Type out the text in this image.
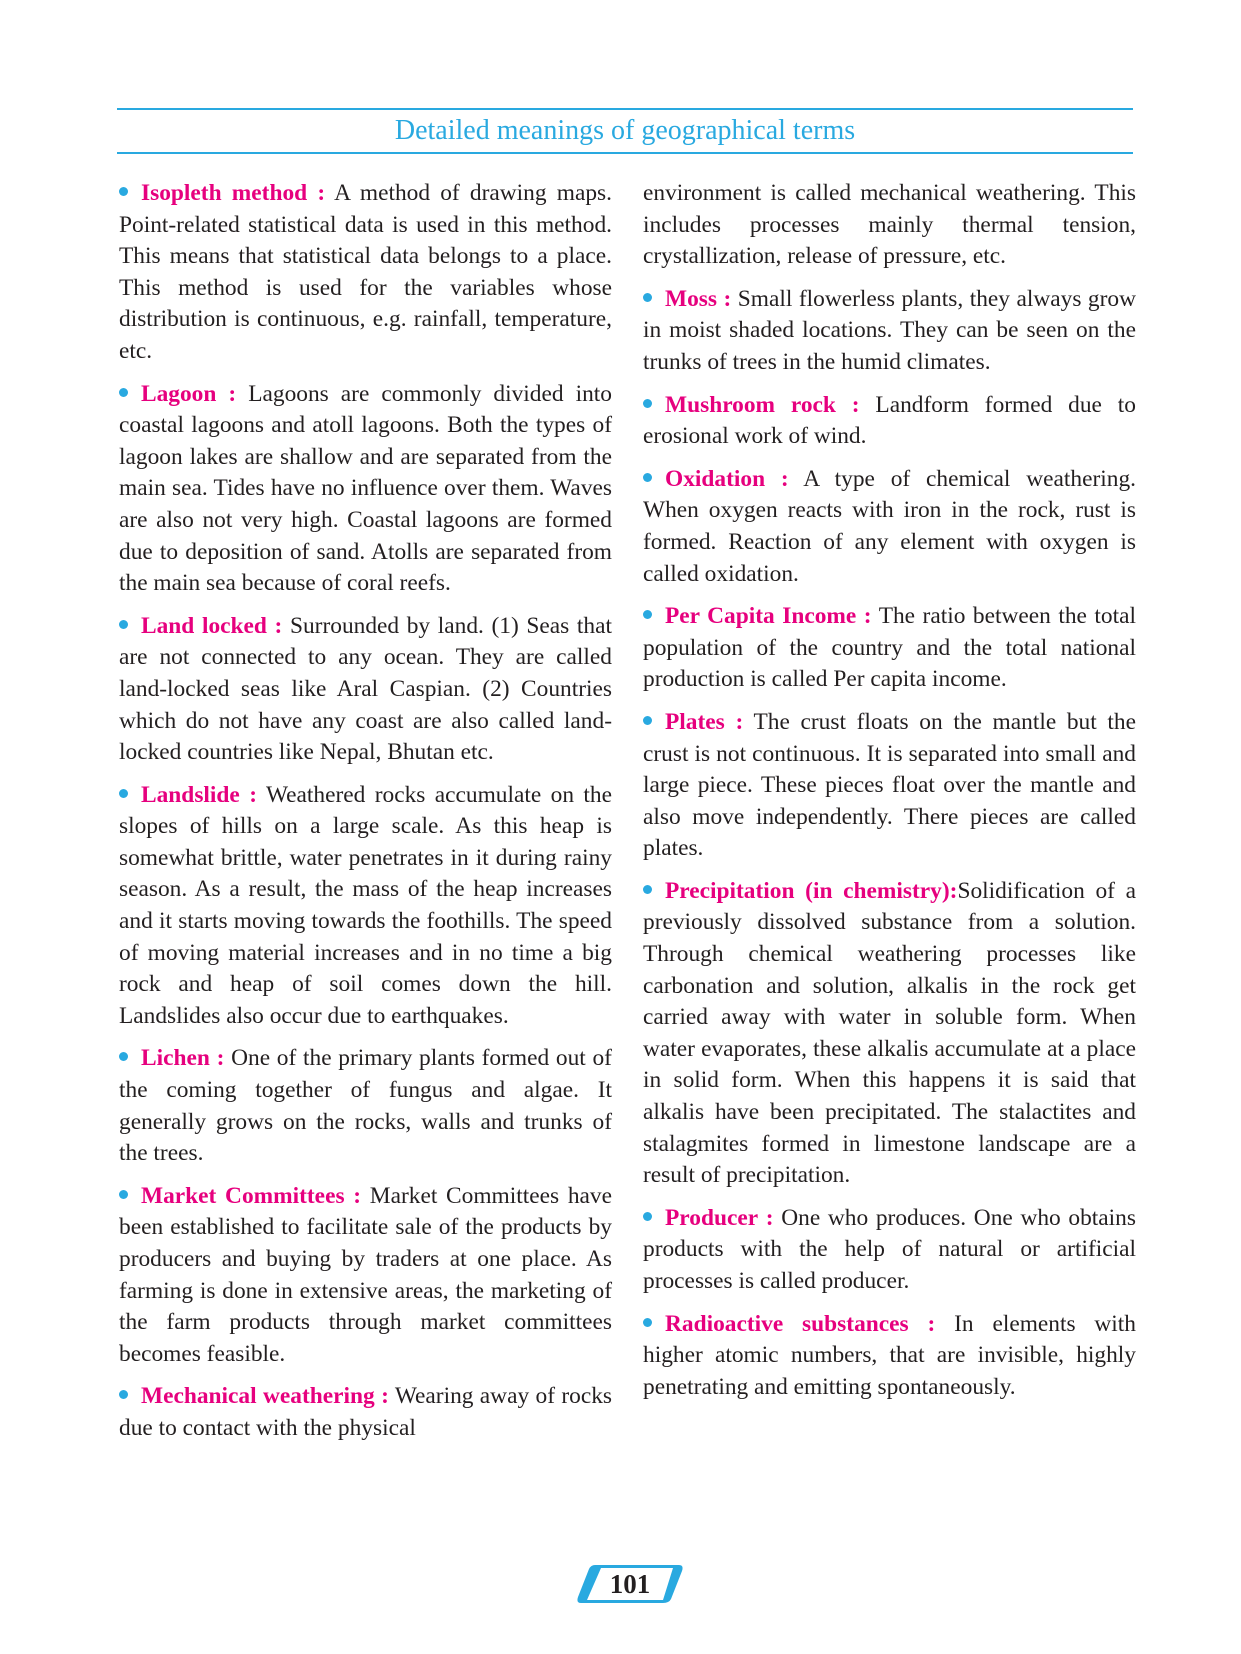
Detailed meanings of geographical terms

Isopleth method : A method of drawing maps. Point-related statistical data is used in this method. This means that statistical data belongs to a place. This method is used for the variables whose distribution is continuous, e.g. rainfall, temperature, etc.

Lagoon : Lagoons are commonly divided into coastal lagoons and atoll lagoons. Both the types of lagoon lakes are shallow and are separated from the main sea. Tides have no influence over them. Waves are also not very high. Coastal lagoons are formed due to deposition of sand. Atolls are separated from the main sea because of coral reefs.

Land locked : Surrounded by land. (1) Seas that are not connected to any ocean. They are called land-locked seas like Aral Caspian. (2) Countries which do not have any coast are also called land-locked countries like Nepal, Bhutan etc.

Landslide : Weathered rocks accumulate on the slopes of hills on a large scale. As this heap is somewhat brittle, water penetrates in it during rainy season. As a result, the mass of the heap increases and it starts moving towards the foothills. The speed of moving material increases and in no time a big rock and heap of soil comes down the hill. Landslides also occur due to earthquakes.

Lichen : One of the primary plants formed out of the coming together of fungus and algae. It generally grows on the rocks, walls and trunks of the trees.

Market Committees : Market Committees have been established to facilitate sale of the products by producers and buying by traders at one place. As farming is done in extensive areas, the marketing of the farm products through market committees becomes feasible.

Mechanical weathering : Wearing away of rocks due to contact with the physical

environment is called mechanical weathering. This includes processes mainly thermal tension, crystallization, release of pressure, etc.

Moss : Small flowerless plants, they always grow in moist shaded locations. They can be seen on the trunks of trees in the humid climates.

Mushroom rock : Landform formed due to erosional work of wind.

Oxidation : A type of chemical weathering. When oxygen reacts with iron in the rock, rust is formed. Reaction of any element with oxygen is called oxidation.

Per Capita Income : The ratio between the total population of the country and the total national production is called Per capita income.

Plates : The crust floats on the mantle but the crust is not continuous. It is separated into small and large piece. These pieces float over the mantle and also move independently. There pieces are called plates.

Precipitation (in chemistry):Solidification of a previously dissolved substance from a solution. Through chemical weathering processes like carbonation and solution, alkalis in the rock get carried away with water in soluble form. When water evaporates, these alkalis accumulate at a place in solid form. When this happens it is said that alkalis have been precipitated. The stalactites and stalagmites formed in limestone landscape are a result of precipitation.

Producer : One who produces. One who obtains products with the help of natural or artificial processes is called producer.

Radioactive substances : In elements with higher atomic numbers, that are invisible, highly penetrating and emitting spontaneously.

101
